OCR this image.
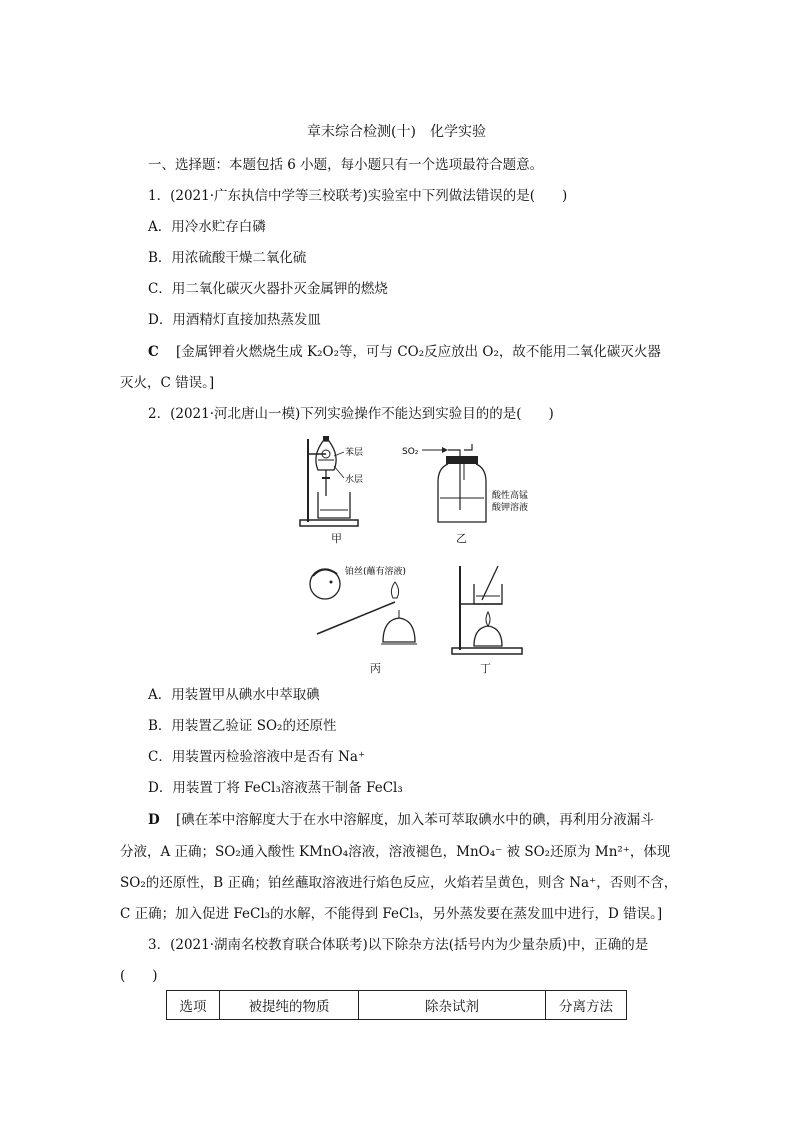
章末综合检测(十)　化学实验
一、选择题：本题包括 6 小题，每小题只有一个选项最符合题意。
1．(2021·广东执信中学等三校联考)实验室中下列做法错误的是(　　)
A．用冷水贮存白磷
B．用浓硫酸干燥二氧化硫
C．用二氧化碳灭火器扑灭金属钾的燃烧
D．用酒精灯直接加热蒸发皿
C [金属钾着火燃烧生成 K₂O₂等，可与 CO₂反应放出 O₂，故不能用二氧化碳灭火器
灭火，C 错误。]
2．(2021·河北唐山一模)下列实验操作不能达到实验目的的是(　　)
苯层
水层
甲
SO₂
酸性高锰
酸钾溶液
乙
铂丝(蘸有溶液)
丙	丁
A．用装置甲从碘水中萃取碘
B．用装置乙验证 SO₂的还原性
C．用装置丙检验溶液中是否有 Na⁺
D．用装置丁将 FeCl₃溶液蒸干制备 FeCl₃
D [碘在苯中溶解度大于在水中溶解度，加入苯可萃取碘水中的碘，再利用分液漏斗
分液，A 正确；SO₂通入酸性 KMnO₄溶液，溶液褪色，MnO₄⁻ 被 SO₂还原为 Mn²⁺，体现
SO₂的还原性，B 正确；铂丝蘸取溶液进行焰色反应，火焰若呈黄色，则含 Na⁺，否则不含，
C 正确；加入促进 FeCl₃的水解，不能得到 FeCl₃，另外蒸发要在蒸发皿中进行，D 错误。]
3．(2021·湖南名校教育联合体联考)以下除杂方法(括号内为少量杂质)中，正确的是
(　　)
选项	被提纯的物质	除杂试剂	分离方法
